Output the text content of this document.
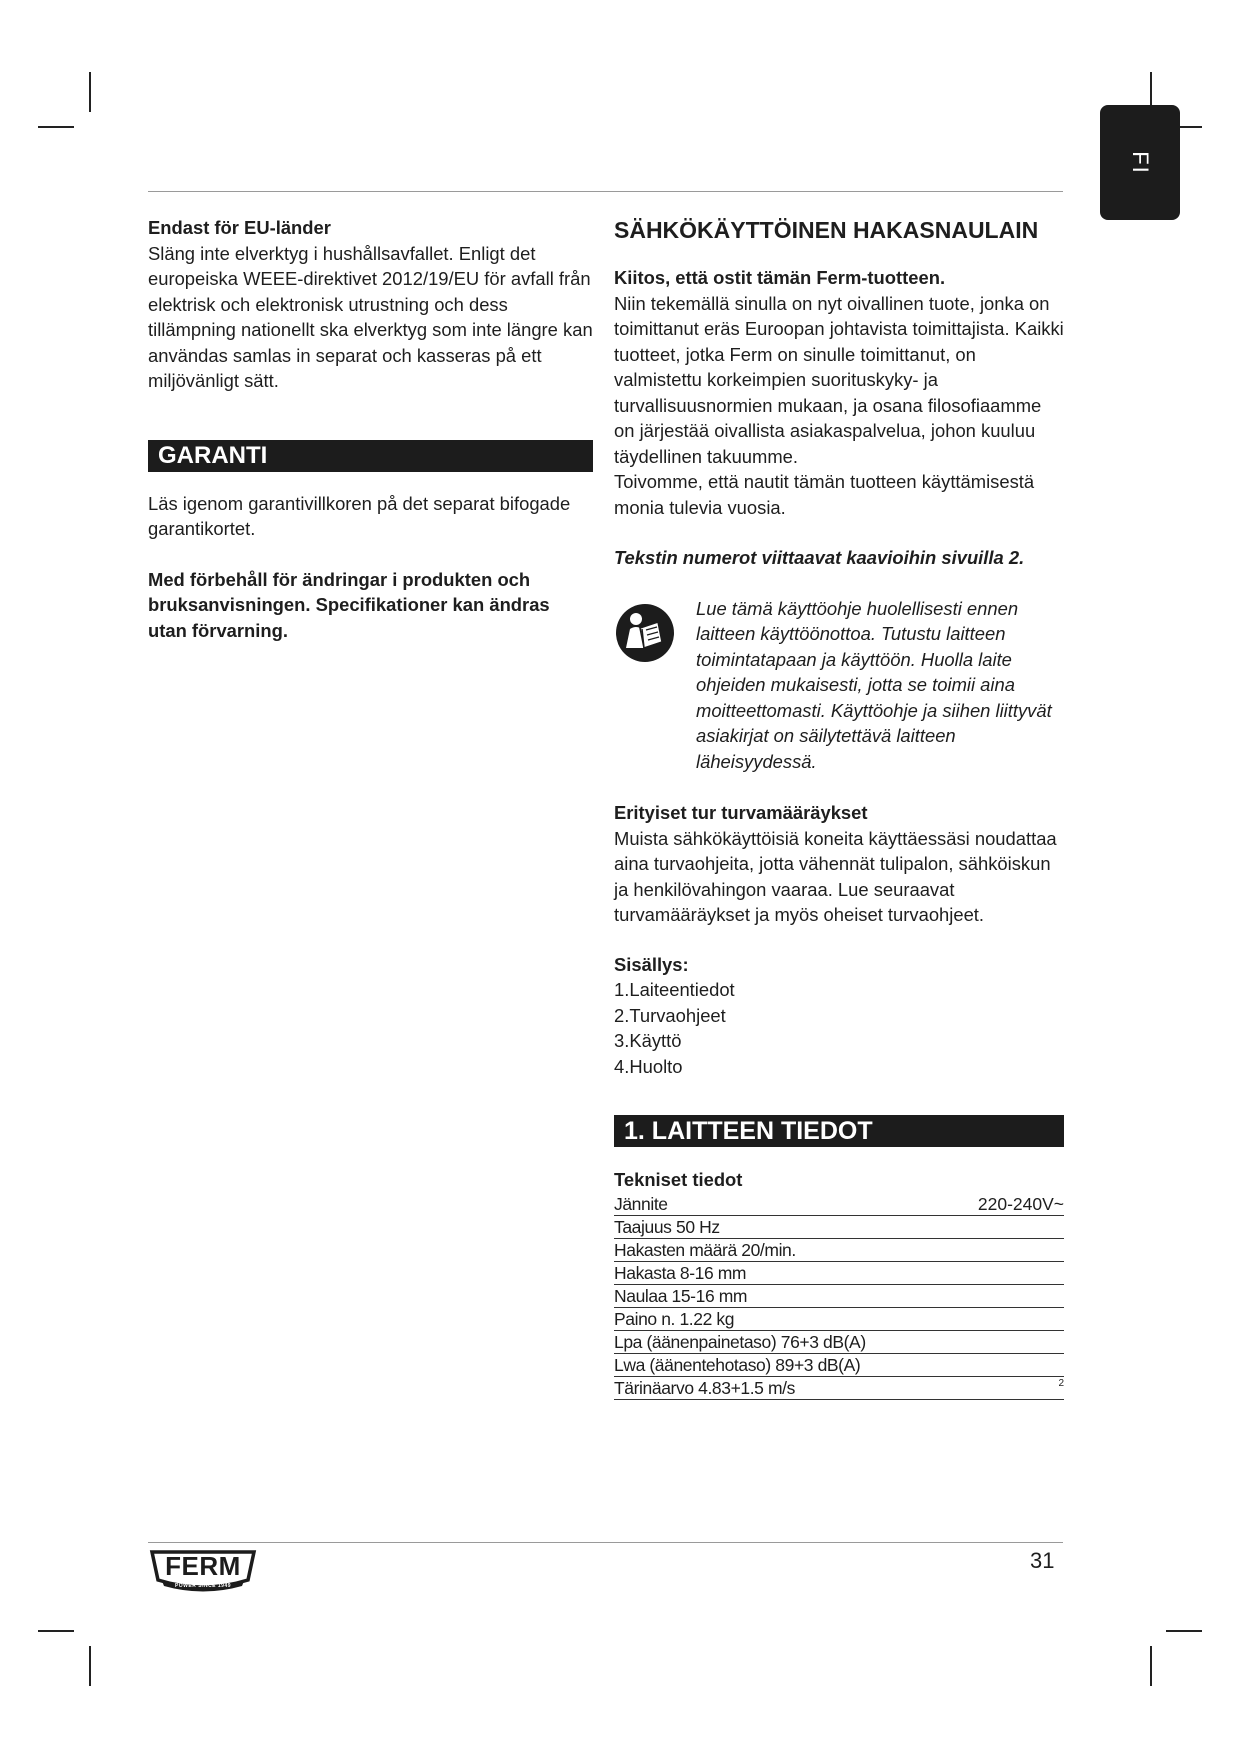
FI

Endast för EU-länder

Släng inte elverktyg i hushållsavfallet. Enligt det europeiska WEEE-direktivet 2012/19/EU för avfall från elektrisk och elektronisk utrustning och dess tillämpning nationellt ska elverktyg som inte längre kan användas samlas in separat och kasseras på ett miljövänligt sätt.

GARANTI

Läs igenom garantivillkoren på det separat bifogade garantikortet.

Med förbehåll för ändringar i produkten och bruksanvisningen. Specifikationer kan ändras utan förvarning.

SÄHKÖKÄYTTÖINEN HAKASNAULAIN

Kiitos, että ostit tämän Ferm-tuotteen.

Niin tekemällä sinulla on nyt oivallinen tuote, jonka on toimittanut eräs Euroopan johtavista toimittajista. Kaikki tuotteet, jotka Ferm on sinulle toimittanut, on valmistettu korkeimpien suorituskyky- ja turvallisuusnormien mukaan, ja osana filosofiaamme on järjestää oivallista asiakaspalvelua, johon kuuluu täydellinen takuumme.

Toivomme, että nautit tämän tuotteen käyttämisestä monia tulevia vuosia.

Tekstin numerot viittaavat kaavioihin sivuilla 2.

Lue tämä käyttöohje huolellisesti ennen laitteen käyttöönottoa. Tutustu laitteen toimintatapaan ja käyttöön. Huolla laite ohjeiden mukaisesti, jotta se toimii aina moitteettomasti. Käyttöohje ja siihen liittyvät asiakirjat on säilytettävä laitteen läheisyydessä.

Erityiset tur turvamääräykset

Muista sähkökäyttöisiä koneita käyttäessäsi noudattaa aina turvaohjeita, jotta vähennät tulipalon, sähköiskun ja henkilövahingon vaaraa. Lue seuraavat turvamääräykset ja myös oheiset turvaohjeet.

Sisällys:

1.Laiteentiedot

2.Turvaohjeet

3.Käyttö

4.Huolto

1. LAITTEEN TIEDOT

Tekniset tiedot

Jännite	220-240V~
Taajuus 50 Hz
Hakasten määrä 20/min.
Hakasta 8-16 mm
Naulaa 15-16 mm
Paino n. 1.22 kg
Lpa (äänenpainetaso) 76+3 dB(A)
Lwa (äänentehotaso) 89+3 dB(A)
Tärinäarvo 4.83+1.5 m/s	2
FERM
POWER SINCE 1949
31
